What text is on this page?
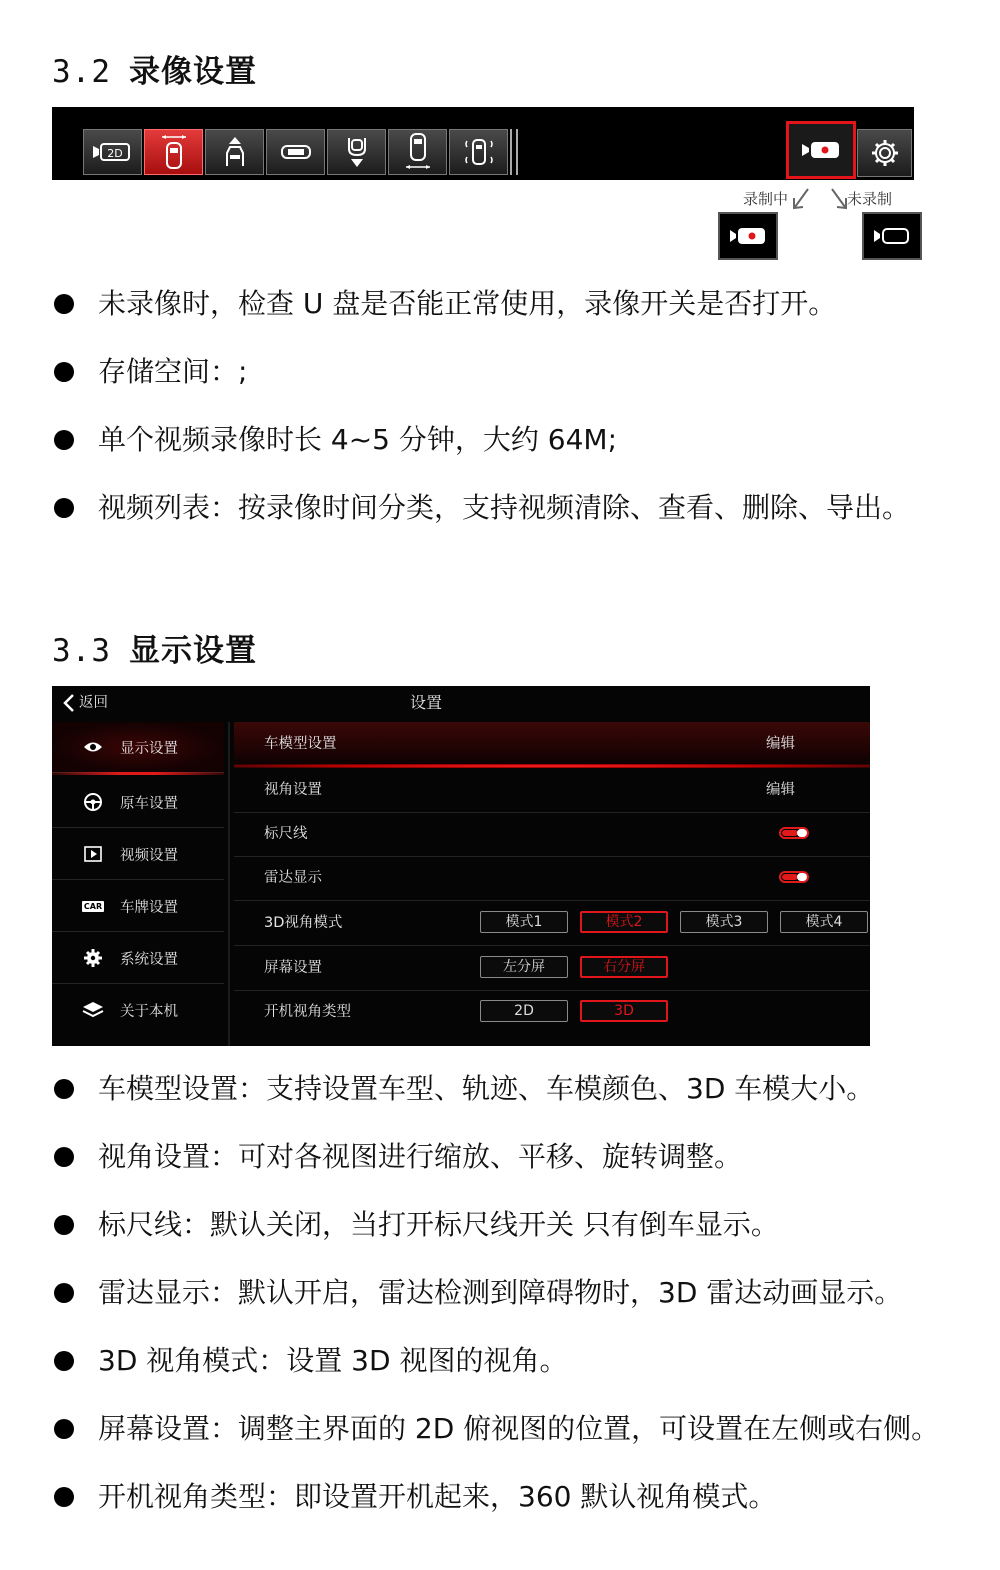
3.2 录像设置
2D
录制中	未录制
未录像时，检查 U 盘是否能正常使用，录像开关是否打开。
存储空间：;
单个视频录像时长 4~5 分钟，大约 64M;
视频列表：按录像时间分类，支持视频清除、查看、删除、导出。
3.3 显示设置
返回	设置
显示设置
原车设置
视频设置
CAR 车牌设置
系统设置
关于本机
车模型设置	编辑
视角设置	编辑
标尺线
雷达显示
3D视角模式	模式1	模式2	模式3	模式4
屏幕设置	左分屏	右分屏
开机视角类型	2D	3D
车模型设置：支持设置车型、轨迹、车模颜色、3D 车模大小。
视角设置：可对各视图进行缩放、平移、旋转调整。
标尺线：默认关闭，当打开标尺线开关 只有倒车显示。
雷达显示：默认开启，雷达检测到障碍物时，3D 雷达动画显示。
3D 视角模式：设置 3D 视图的视角。
屏幕设置：调整主界面的 2D 俯视图的位置，可设置在左侧或右侧。
开机视角类型：即设置开机起来，360 默认视角模式。
